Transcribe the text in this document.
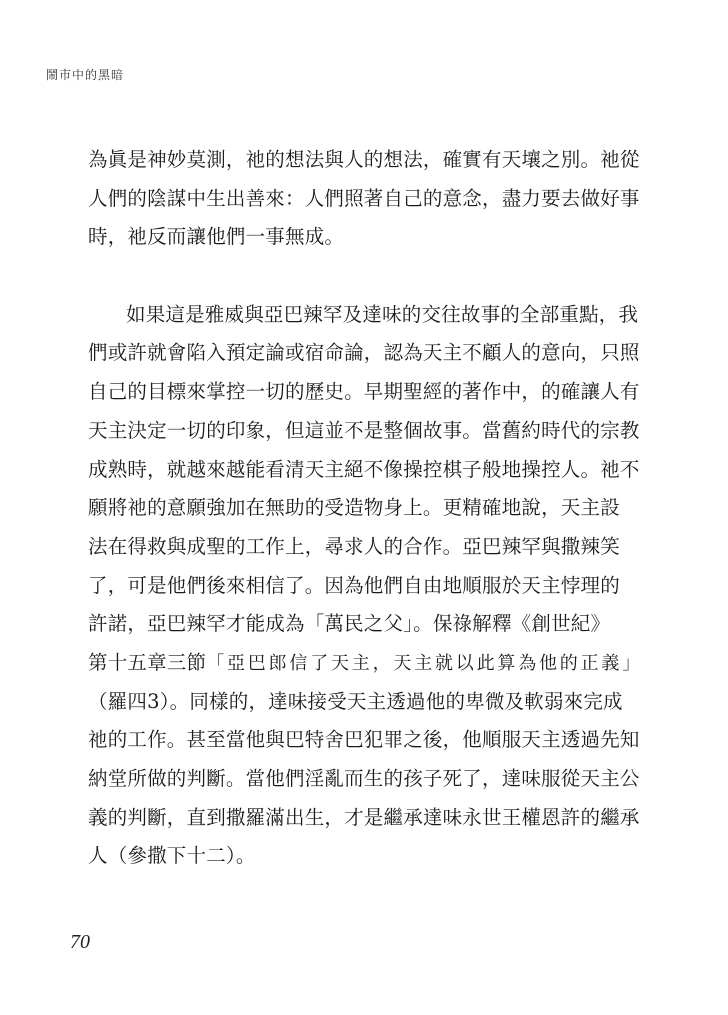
鬧市中的黑暗
為眞是神妙莫測，祂的想法與人的想法，確實有天壤之別。祂從
人們的陰謀中生出善來：人們照著自己的意念，盡力要去做好事
時，祂反而讓他們一事無成。
如果這是雅威與亞巴辣罕及達味的交往故事的全部重點，我
們或許就會陷入預定論或宿命論，認為天主不顧人的意向，只照
自己的目標來掌控一切的歷史。早期聖經的著作中，的確讓人有
天主決定一切的印象，但這並不是整個故事。當舊約時代的宗教
成熟時，就越來越能看清天主絕不像操控棋子般地操控人。祂不
願將祂的意願強加在無助的受造物身上。更精確地說，天主設
法在得救與成聖的工作上，尋求人的合作。亞巴辣罕與撒辣笑
了，可是他們後來相信了。因為他們自由地順服於天主悖理的
許諾，亞巴辣罕才能成為「萬民之父」。保祿解釋《創世紀》
第十五章三節「亞巴郎信了天主，天主就以此算為他的正義」
（羅四3）。同樣的，達味接受天主透過他的卑微及軟弱來完成
祂的工作。甚至當他與巴特舍巴犯罪之後，他順服天主透過先知
納堂所做的判斷。當他們淫亂而生的孩子死了，達味服從天主公
義的判斷，直到撒羅滿出生，才是繼承達味永世王權恩許的繼承
人（參撒下十二）。
70
